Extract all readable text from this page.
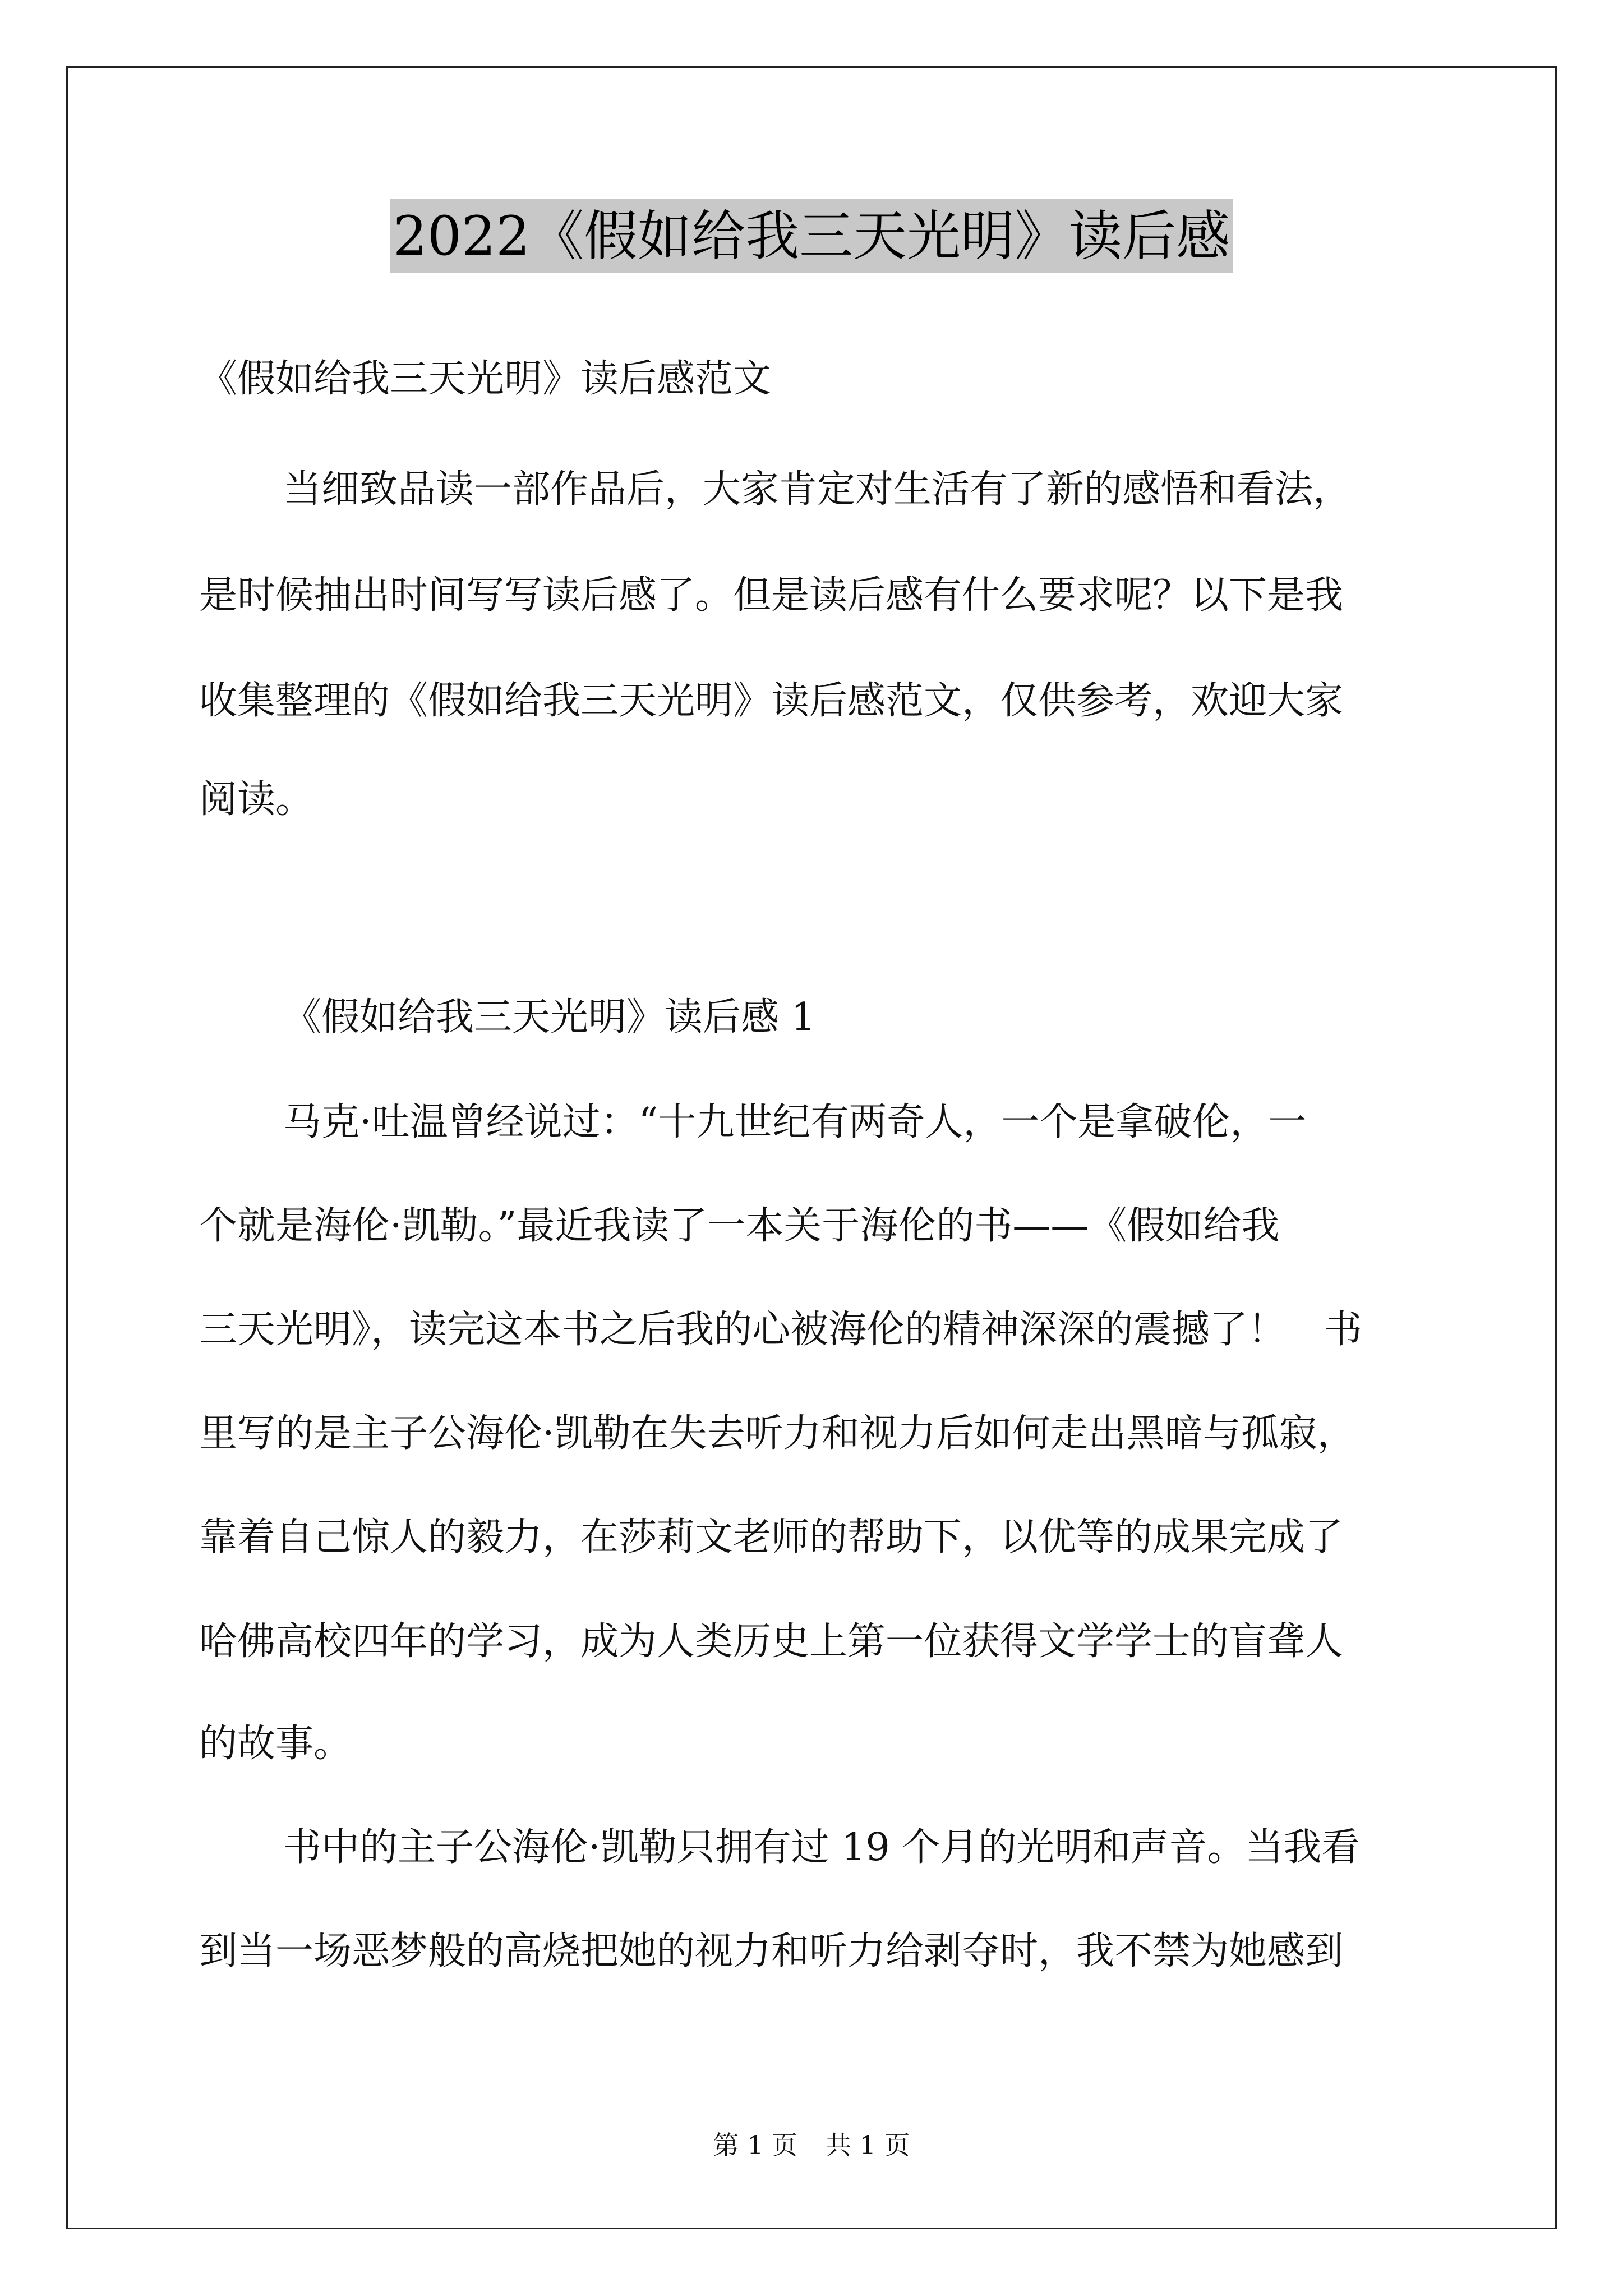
2022《假如给我三天光明》读后感
《假如给我三天光明》读后感范文
当细致品读一部作品后，大家肯定对生活有了新的感悟和看法，
是时候抽出时间写写读后感了。但是读后感有什么要求呢？以下是我
收集整理的《假如给我三天光明》读后感范文，仅供参考，欢迎大家
阅读。
《假如给我三天光明》读后感 1
马克·吐温曾经说过：“十九世纪有两奇人，一个是拿破伦，一
个就是海伦·凯勒。”最近我读了一本关于海伦的书——《假如给我
三天光明》，读完这本书之后我的心被海伦的精神深深的震撼了！　书
里写的是主子公海伦·凯勒在失去听力和视力后如何走出黑暗与孤寂，
靠着自己惊人的毅力，在莎莉文老师的帮助下，以优等的成果完成了
哈佛高校四年的学习，成为人类历史上第一位获得文学学士的盲聋人
的故事。
书中的主子公海伦·凯勒只拥有过 19 个月的光明和声音。当我看
到当一场恶梦般的高烧把她的视力和听力给剥夺时，我不禁为她感到
第 1 页 共 1 页
